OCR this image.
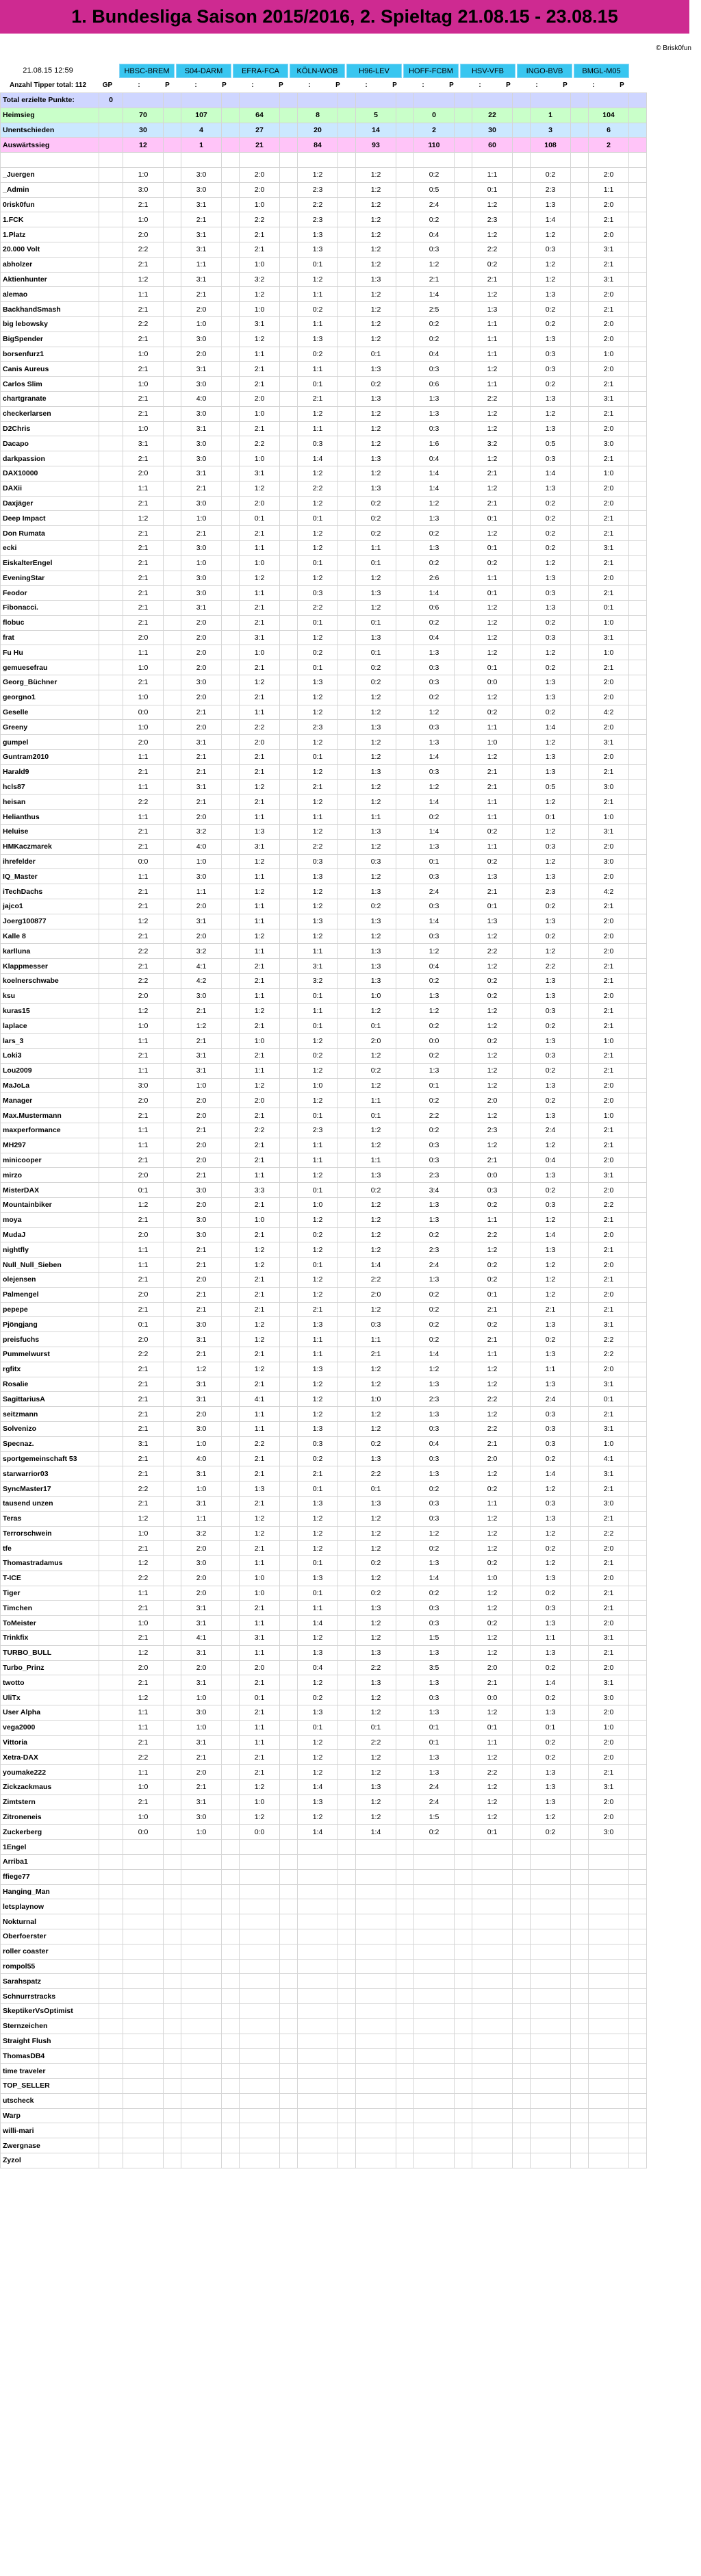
1. Bundesliga Saison 2015/2016, 2. Spieltag 21.08.15 - 23.08.15
© Brisk0fun
21.08.15 12:59	HBSC-BREM	S04-DARM	EFRA-FCA	KÖLN-WOB	H96-LEV	HOFF-FCBM	HSV-VFB	INGO-BVB	BMGL-M05
Anzahl Tipper total: 112	GP	:	P	:	P	:	P	:	P	:	P	:	P	:	P	:	P	:	P
Total erzielte Punkte:	0																		
Heimsieg		70		107		64		8		5		0		22		1		104	
Unentschieden		30		4		27		20		14		2		30		3		6	
Auswärtssieg		12		1		21		84		93		110		60		108		2	

_Juergen		1:0		3:0		2:0		1:2		1:2		0:2		1:1		0:2		2:0	
_Admin		3:0		3:0		2:0		2:3		1:2		0:5		0:1		2:3		1:1	
0risk0fun		2:1		3:1		1:0		2:2		1:2		2:4		1:2		1:3		2:0	
1.FCK		1:0		2:1		2:2		2:3		1:2		0:2		2:3		1:4		2:1	
1.Platz		2:0		3:1		2:1		1:3		1:2		0:4		1:2		1:2		2:0	
20.000 Volt		2:2		3:1		2:1		1:3		1:2		0:3		2:2		0:3		3:1	
abholzer		2:1		1:1		1:0		0:1		1:2		1:2		0:2		1:2		2:1	
Aktienhunter		1:2		3:1		3:2		1:2		1:3		2:1		2:1		1:2		3:1	
alemao		1:1		2:1		1:2		1:1		1:2		1:4		1:2		1:3		2:0	
BackhandSmash		2:1		2:0		1:0		0:2		1:2		2:5		1:3		0:2		2:1	
big lebowsky		2:2		1:0		3:1		1:1		1:2		0:2		1:1		0:2		2:0	
BigSpender		2:1		3:0		1:2		1:3		1:2		0:2		1:1		1:3		2:0	
borsenfurz1		1:0		2:0		1:1		0:2		0:1		0:4		1:1		0:3		1:0	
Canis Aureus		2:1		3:1		2:1		1:1		1:3		0:3		1:2		0:3		2:0	
Carlos Slim		1:0		3:0		2:1		0:1		0:2		0:6		1:1		0:2		2:1	
chartgranate		2:1		4:0		2:0		2:1		1:3		1:3		2:2		1:3		3:1	
checkerlarsen		2:1		3:0		1:0		1:2		1:2		1:3		1:2		1:2		2:1	
D2Chris		1:0		3:1		2:1		1:1		1:2		0:3		1:2		1:3		2:0	
Dacapo		3:1		3:0		2:2		0:3		1:2		1:6		3:2		0:5		3:0	
darkpassion		2:1		3:0		1:0		1:4		1:3		0:4		1:2		0:3		2:1	
DAX10000		2:0		3:1		3:1		1:2		1:2		1:4		2:1		1:4		1:0	
DAXii		1:1		2:1		1:2		2:2		1:3		1:4		1:2		1:3		2:0	
Daxjäger		2:1		3:0		2:0		1:2		0:2		1:2		2:1		0:2		2:0	
Deep Impact		1:2		1:0		0:1		0:1		0:2		1:3		0:1		0:2		2:1	
Don Rumata		2:1		2:1		2:1		1:2		0:2		0:2		1:2		0:2		2:1	
ecki		2:1		3:0		1:1		1:2		1:1		1:3		0:1		0:2		3:1	
EiskalterEngel		2:1		1:0		1:0		0:1		0:1		0:2		0:2		1:2		2:1	
EveningStar		2:1		3:0		1:2		1:2		1:2		2:6		1:1		1:3		2:0	
Feodor		2:1		3:0		1:1		0:3		1:3		1:4		0:1		0:3		2:1	
Fibonacci.		2:1		3:1		2:1		2:2		1:2		0:6		1:2		1:3		0:1	
flobuc		2:1		2:0		2:1		0:1		0:1		0:2		1:2		0:2		1:0	
frat		2:0		2:0		3:1		1:2		1:3		0:4		1:2		0:3		3:1	
Fu Hu		1:1		2:0		1:0		0:2		0:1		1:3		1:2		1:2		1:0	
gemuesefrau		1:0		2:0		2:1		0:1		0:2		0:3		0:1		0:2		2:1	
Georg_Büchner		2:1		3:0		1:2		1:3		0:2		0:3		0:0		1:3		2:0	
georgno1		1:0		2:0		2:1		1:2		1:2		0:2		1:2		1:3		2:0	
Geselle		0:0		2:1		1:1		1:2		1:2		1:2		0:2		0:2		4:2	
Greeny		1:0		2:0		2:2		2:3		1:3		0:3		1:1		1:4		2:0	
gumpel		2:0		3:1		2:0		1:2		1:2		1:3		1:0		1:2		3:1	
Guntram2010		1:1		2:1		2:1		0:1		1:2		1:4		1:2		1:3		2:0	
Harald9		2:1		2:1		2:1		1:2		1:3		0:3		2:1		1:3		2:1	
hcls87		1:1		3:1		1:2		2:1		1:2		1:2		2:1		0:5		3:0	
heisan		2:2		2:1		2:1		1:2		1:2		1:4		1:1		1:2		2:1	
Helianthus		1:1		2:0		1:1		1:1		1:1		0:2		1:1		0:1		1:0	
Heluise		2:1		3:2		1:3		1:2		1:3		1:4		0:2		1:2		3:1	
HMKaczmarek		2:1		4:0		3:1		2:2		1:2		1:3		1:1		0:3		2:0	
ihrefelder		0:0		1:0		1:2		0:3		0:3		0:1		0:2		1:2		3:0	
IQ_Master		1:1		3:0		1:1		1:3		1:2		0:3		1:3		1:3		2:0	
iTechDachs		2:1		1:1		1:2		1:2		1:3		2:4		2:1		2:3		4:2	
jajco1		2:1		2:0		1:1		1:2		0:2		0:3		0:1		0:2		2:1	
Joerg100877		1:2		3:1		1:1		1:3		1:3		1:4		1:3		1:3		2:0	
Kalle 8		2:1		2:0		1:2		1:2		1:2		0:3		1:2		0:2		2:0	
karlluna		2:2		3:2		1:1		1:1		1:3		1:2		2:2		1:2		2:0	
Klappmesser		2:1		4:1		2:1		3:1		1:3		0:4		1:2		2:2		2:1	
koelnerschwabe		2:2		4:2		2:1		3:2		1:3		0:2		0:2		1:3		2:1	
ksu		2:0		3:0		1:1		0:1		1:0		1:3		0:2		1:3		2:0	
kuras15		1:2		2:1		1:2		1:1		1:2		1:2		1:2		0:3		2:1	
laplace		1:0		1:2		2:1		0:1		0:1		0:2		1:2		0:2		2:1	
lars_3		1:1		2:1		1:0		1:2		2:0		0:0		0:2		1:3		1:0	
Loki3		2:1		3:1		2:1		0:2		1:2		0:2		1:2		0:3		2:1	
Lou2009		1:1		3:1		1:1		1:2		0:2		1:3		1:2		0:2		2:1	
MaJoLa		3:0		1:0		1:2		1:0		1:2		0:1		1:2		1:3		2:0	
Manager		2:0		2:0		2:0		1:2		1:1		0:2		2:0		0:2		2:0	
Max.Mustermann		2:1		2:0		2:1		0:1		0:1		2:2		1:2		1:3		1:0	
maxperformance		1:1		2:1		2:2		2:3		1:2		0:2		2:3		2:4		2:1	
MH297		1:1		2:0		2:1		1:1		1:2		0:3		1:2		1:2		2:1	
minicooper		2:1		2:0		2:1		1:1		1:1		0:3		2:1		0:4		2:0	
mirzo		2:0		2:1		1:1		1:2		1:3		2:3		0:0		1:3		3:1	
MisterDAX		0:1		3:0		3:3		0:1		0:2		3:4		0:3		0:2		2:0	
Mountainbiker		1:2		2:0		2:1		1:0		1:2		1:3		0:2		0:3		2:2	
moya		2:1		3:0		1:0		1:2		1:2		1:3		1:1		1:2		2:1	
MudaJ		2:0		3:0		2:1		0:2		1:2		0:2		2:2		1:4		2:0	
nightfly		1:1		2:1		1:2		1:2		1:2		2:3		1:2		1:3		2:1	
Null_Null_Sieben		1:1		2:1		1:2		0:1		1:4		2:4		0:2		1:2		2:0	
olejensen		2:1		2:0		2:1		1:2		2:2		1:3		0:2		1:2		2:1	
Palmengel		2:0		2:1		2:1		1:2		2:0		0:2		0:1		1:2		2:0	
pepepe		2:1		2:1		2:1		2:1		1:2		0:2		2:1		2:1		2:1	
Pjöngjang		0:1		3:0		1:2		1:3		0:3		0:2		0:2		1:3		3:1	
preisfuchs		2:0		3:1		1:2		1:1		1:1		0:2		2:1		0:2		2:2	
Pummelwurst		2:2		2:1		2:1		1:1		2:1		1:4		1:1		1:3		2:2	
rgfitx		2:1		1:2		1:2		1:3		1:2		1:2		1:2		1:1		2:0	
Rosalie		2:1		3:1		2:1		1:2		1:2		1:3		1:2		1:3		3:1	
SagittariusA		2:1		3:1		4:1		1:2		1:0		2:3		2:2		2:4		0:1	
seitzmann		2:1		2:0		1:1		1:2		1:2		1:3		1:2		0:3		2:1	
Solvenizo		2:1		3:0		1:1		1:3		1:2		0:3		2:2		0:3		3:1	
Specnaz.		3:1		1:0		2:2		0:3		0:2		0:4		2:1		0:3		1:0	
sportgemeinschaft 53		2:1		4:0		2:1		0:2		1:3		0:3		2:0		0:2		4:1	
starwarrior03		2:1		3:1		2:1		2:1		2:2		1:3		1:2		1:4		3:1	
SyncMaster17		2:2		1:0		1:3		0:1		0:1		0:2		0:2		1:2		2:1	
tausend unzen		2:1		3:1		2:1		1:3		1:3		0:3		1:1		0:3		3:0	
Teras		1:2		1:1		1:2		1:2		1:2		0:3		1:2		1:3		2:1	
Terrorschwein		1:0		3:2		1:2		1:2		1:2		1:2		1:2		1:2		2:2	
tfe		2:1		2:0		2:1		1:2		1:2		0:2		1:2		0:2		2:0	
Thomastradamus		1:2		3:0		1:1		0:1		0:2		1:3		0:2		1:2		2:1	
T-ICE		2:2		2:0		1:0		1:3		1:2		1:4		1:0		1:3		2:0	
Tiger		1:1		2:0		1:0		0:1		0:2		0:2		1:2		0:2		2:1	
Timchen		2:1		3:1		2:1		1:1		1:3		0:3		1:2		0:3		2:1	
ToMeister		1:0		3:1		1:1		1:4		1:2		0:3		0:2		1:3		2:0	
Trinkfix		2:1		4:1		3:1		1:2		1:2		1:5		1:2		1:1		3:1	
TURBO_BULL		1:2		3:1		1:1		1:3		1:3		1:3		1:2		1:3		2:1	
Turbo_Prinz		2:0		2:0		2:0		0:4		2:2		3:5		2:0		0:2		2:0	
twotto		2:1		3:1		2:1		1:2		1:3		1:3		2:1		1:4		3:1	
UliTx		1:2		1:0		0:1		0:2		1:2		0:3		0:0		0:2		3:0	
User Alpha		1:1		3:0		2:1		1:3		1:2		1:3		1:2		1:3		2:0	
vega2000		1:1		1:0		1:1		0:1		0:1		0:1		0:1		0:1		1:0	
Vittoria		2:1		3:1		1:1		1:2		2:2		0:1		1:1		0:2		2:0	
Xetra-DAX		2:2		2:1		2:1		1:2		1:2		1:3		1:2		0:2		2:0	
youmake222		1:1		2:0		2:1		1:2		1:2		1:3		2:2		1:3		2:1	
Zickzackmaus		1:0		2:1		1:2		1:4		1:3		2:4		1:2		1:3		3:1	
Zimtstern		2:1		3:1		1:0		1:3		1:2		2:4		1:2		1:3		2:0	
Zitroneneis		1:0		3:0		1:2		1:2		1:2		1:5		1:2		1:2		2:0	
Zuckerberg		0:0		1:0		0:0		1:4		1:4		0:2		0:1		0:2		3:0	
1Engel																			
Arriba1																			
ffiege77																			
Hanging_Man																			
letsplaynow																			
Nokturnal																			
Oberfoerster																			
roller coaster																			
rompol55																			
Sarahspatz																			
Schnurrstracks																			
SkeptikerVsOptimist																			
Sternzeichen																			
Straight Flush																			
ThomasDB4																			
time traveler																			
TOP_SELLER																			
utscheck																			
Warp																			
willi-mari																			
Zwergnase																			
Zyzol																			
